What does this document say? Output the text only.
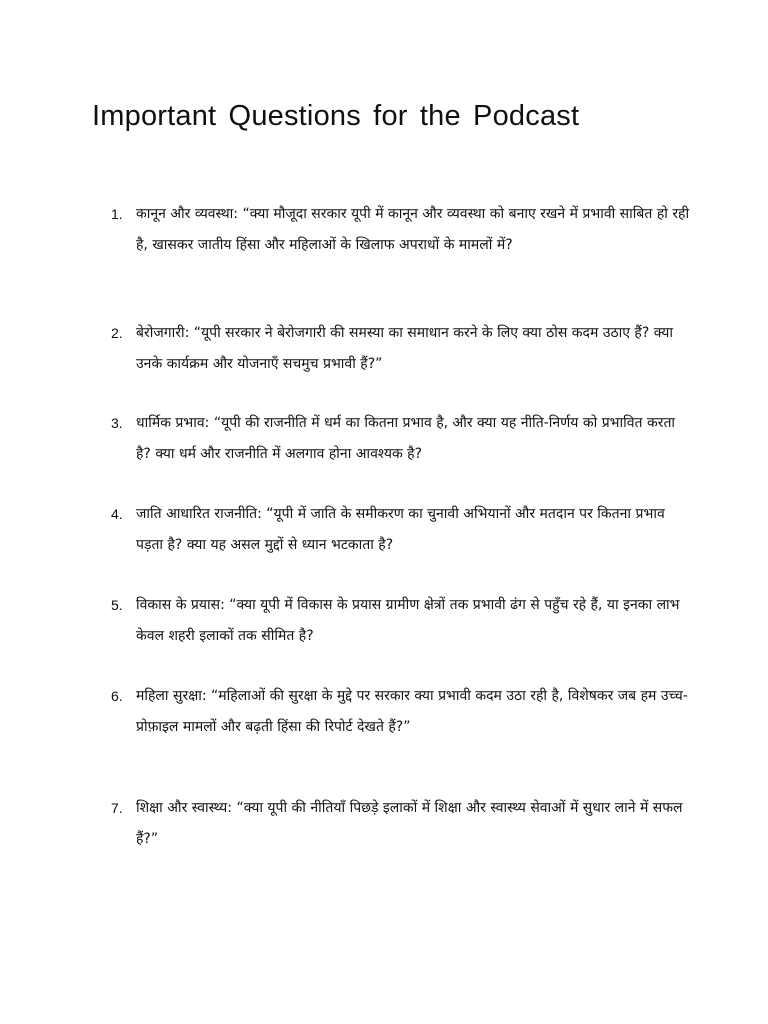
Important Questions for the Podcast
1. कानून और व्यवस्था: “क्या मौजूदा सरकार यूपी में कानून और व्यवस्था को बनाए रखने में प्रभावी साबित हो रही है, खासकर जातीय हिंसा और महिलाओं के खिलाफ अपराधों के मामलों में?
2. बेरोजगारी: “यूपी सरकार ने बेरोजगारी की समस्या का समाधान करने के लिए क्या ठोस कदम उठाए हैं? क्या उनके कार्यक्रम और योजनाएँ सचमुच प्रभावी हैं?”
3. धार्मिक प्रभाव: “यूपी की राजनीति में धर्म का कितना प्रभाव है, और क्या यह नीति-निर्णय को प्रभावित करता है? क्या धर्म और राजनीति में अलगाव होना आवश्यक है?
4. जाति आधारित राजनीति: “यूपी में जाति के समीकरण का चुनावी अभियानों और मतदान पर कितना प्रभाव पड़ता है? क्या यह असल मुद्दों से ध्यान भटकाता है?
5. विकास के प्रयास: “क्या यूपी में विकास के प्रयास ग्रामीण क्षेत्रों तक प्रभावी ढंग से पहुँच रहे हैं, या इनका लाभ केवल शहरी इलाकों तक सीमित है?
6. महिला सुरक्षा: “महिलाओं की सुरक्षा के मुद्दे पर सरकार क्या प्रभावी कदम उठा रही है, विशेषकर जब हम उच्च-प्रोफ़ाइल मामलों और बढ़ती हिंसा की रिपोर्ट देखते हैं?”
7. शिक्षा और स्वास्थ्य: “क्या यूपी की नीतियाँ पिछड़े इलाकों में शिक्षा और स्वास्थ्य सेवाओं में सुधार लाने में सफल हैं?”
